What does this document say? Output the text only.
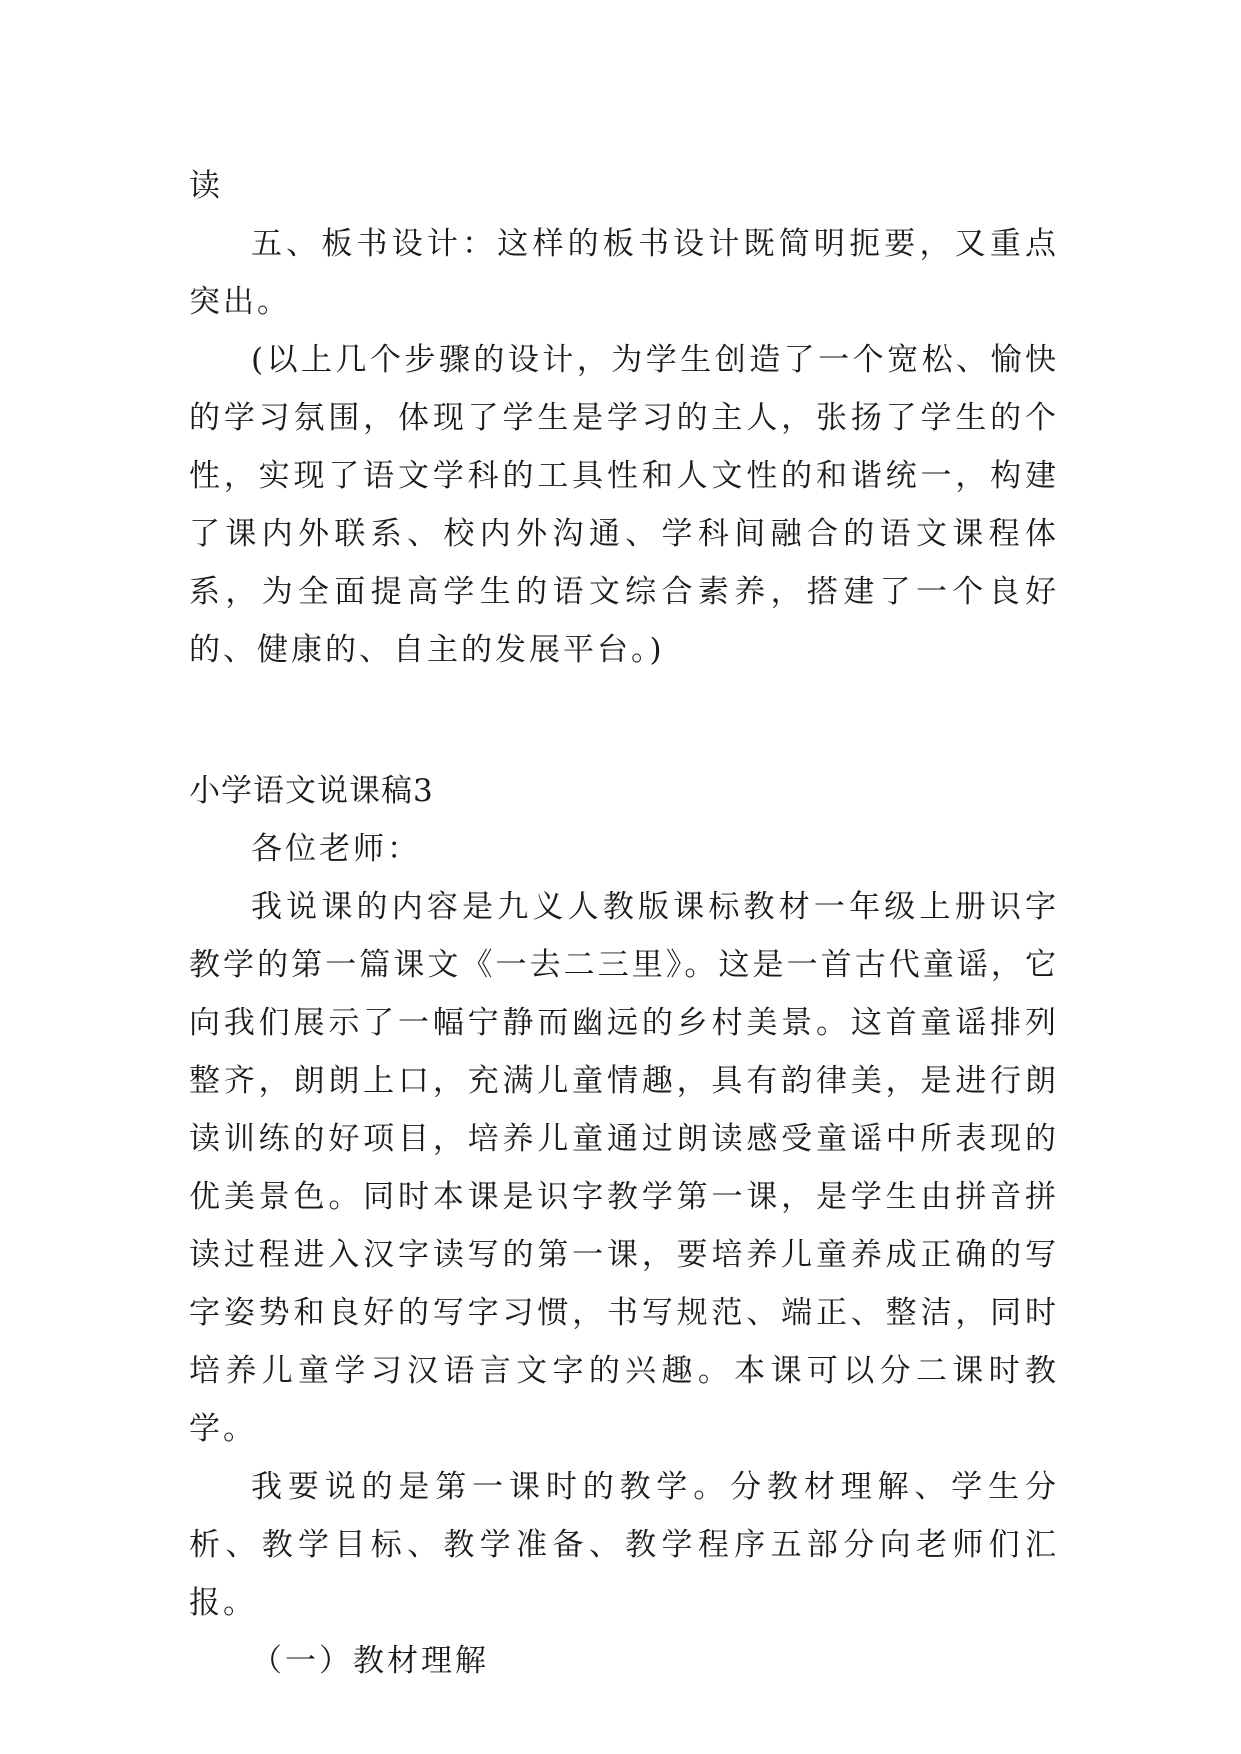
读

五、板书设计：这样的板书设计既简明扼要，又重点突出。

(以上几个步骤的设计，为学生创造了一个宽松、愉快的学习氛围，体现了学生是学习的主人，张扬了学生的个性，实现了语文学科的工具性和人文性的和谐统一，构建了课内外联系、校内外沟通、学科间融合的语文课程体系，为全面提高学生的语文综合素养，搭建了一个良好的、健康的、自主的发展平台。)

小学语文说课稿3

各位老师：

我说课的内容是九义人教版课标教材一年级上册识字教学的第一篇课文《一去二三里》。这是一首古代童谣，它向我们展示了一幅宁静而幽远的乡村美景。这首童谣排列整齐，朗朗上口，充满儿童情趣，具有韵律美，是进行朗读训练的好项目，培养儿童通过朗读感受童谣中所表现的优美景色。同时本课是识字教学第一课，是学生由拼音拼读过程进入汉字读写的第一课，要培养儿童养成正确的写字姿势和良好的写字习惯，书写规范、端正、整洁，同时培养儿童学习汉语言文字的兴趣。本课可以分二课时教学。

我要说的是第一课时的教学。分教材理解、学生分析、教学目标、教学准备、教学程序五部分向老师们汇报。

（一）教材理解
